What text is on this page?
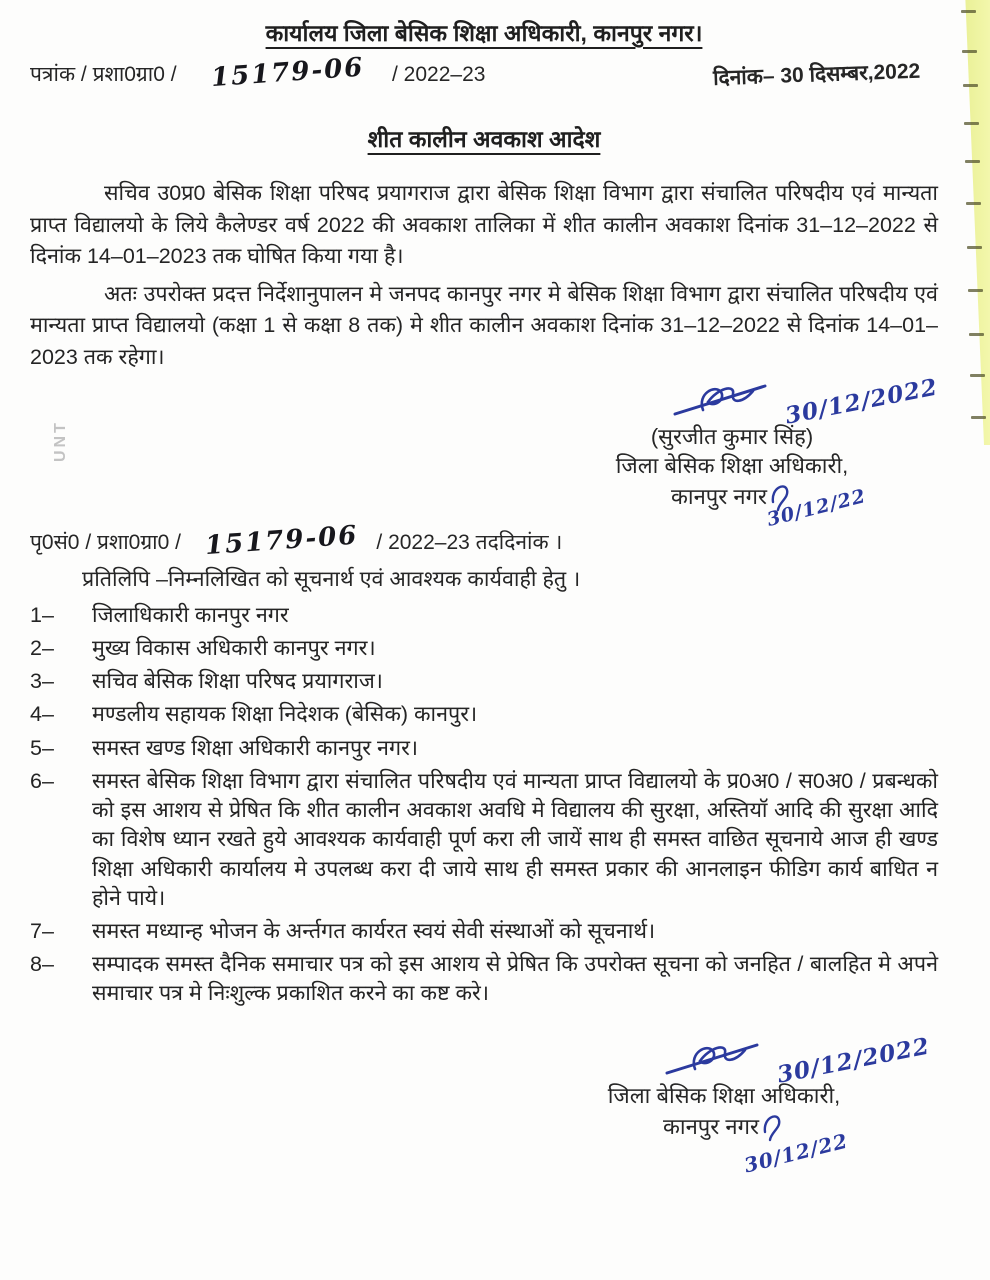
UNT
कार्यालय जिला बेसिक शिक्षा अधिकारी, कानपुर नगर।
पत्रांक / प्रशा0ग्रा0 /	15179-06	/ 2022–23	दिनांक– 30 दिसम्बर,2022
शीत कालीन अवकाश आदेश

सचिव उ0प्र0 बेसिक शिक्षा परिषद प्रयागराज द्वारा बेसिक शिक्षा विभाग द्वारा संचालित परिषदीय एवं मान्यता प्राप्त विद्यालयो के लिये कैलेण्डर वर्ष 2022 की अवकाश तालिका में शीत कालीन अवकाश दिनांक 31–12–2022 से दिनांक 14–01–2023 तक घोषित किया गया है।

अतः उपरोक्त प्रदत्त निर्देशानुपालन मे जनपद कानपुर नगर मे बेसिक शिक्षा विभाग द्वारा संचालित परिषदीय एवं मान्यता प्राप्त विद्यालयो (कक्षा 1 से कक्षा 8 तक) मे शीत कालीन अवकाश दिनांक 31–12–2022 से दिनांक 14–01–2023 तक रहेगा।

30/12/2022
(सुरजीत कुमार सिंह)
जिला बेसिक शिक्षा अधिकारी,
कानपुर नगर
30/12/22
पृ0सं0 / प्रशा0ग्रा0 / 15179-06 / 2022–23 तददिनांक ।
प्रतिलिपि –निम्नलिखित को सूचनार्थ एवं आवश्यक कार्यवाही हेतु ।
1–	जिलाधिकारी कानपुर नगर
2–	मुख्य विकास अधिकारी कानपुर नगर।
3–	सचिव बेसिक शिक्षा परिषद प्रयागराज।
4–	मण्डलीय सहायक शिक्षा निदेशक (बेसिक) कानपुर।
5–	समस्त खण्ड शिक्षा अधिकारी कानपुर नगर।
6–	समस्त बेसिक शिक्षा विभाग द्वारा संचालित परिषदीय एवं मान्यता प्राप्त विद्यालयो के प्र0अ0 / स0अ0 / प्रबन्धको को इस आशय से प्रेषित कि शीत कालीन अवकाश अवधि मे विद्यालय की सुरक्षा, अस्तियॉ आदि की सुरक्षा आदि का विशेष ध्यान रखते हुये आवश्यक कार्यवाही पूर्ण करा ली जायें साथ ही समस्त वाछित सूचनाये आज ही खण्ड शिक्षा अधिकारी कार्यालय मे उपलब्ध करा दी जाये साथ ही समस्त प्रकार की आनलाइन फीडिग कार्य बाधित न होने पाये।
7–	समस्त मध्यान्ह भोजन के अर्न्तगत कार्यरत स्वयं सेवी संस्थाओं को सूचनार्थ।
8–	सम्पादक समस्त दैनिक समाचार पत्र को इस आशय से प्रेषित कि उपरोक्त सूचना को जनहित / बालहित मे अपने समाचार पत्र मे निःशुल्क प्रकाशित करने का कष्ट करे।
30/12/2022
जिला बेसिक शिक्षा अधिकारी,
कानपुर नगर
30/12/22
